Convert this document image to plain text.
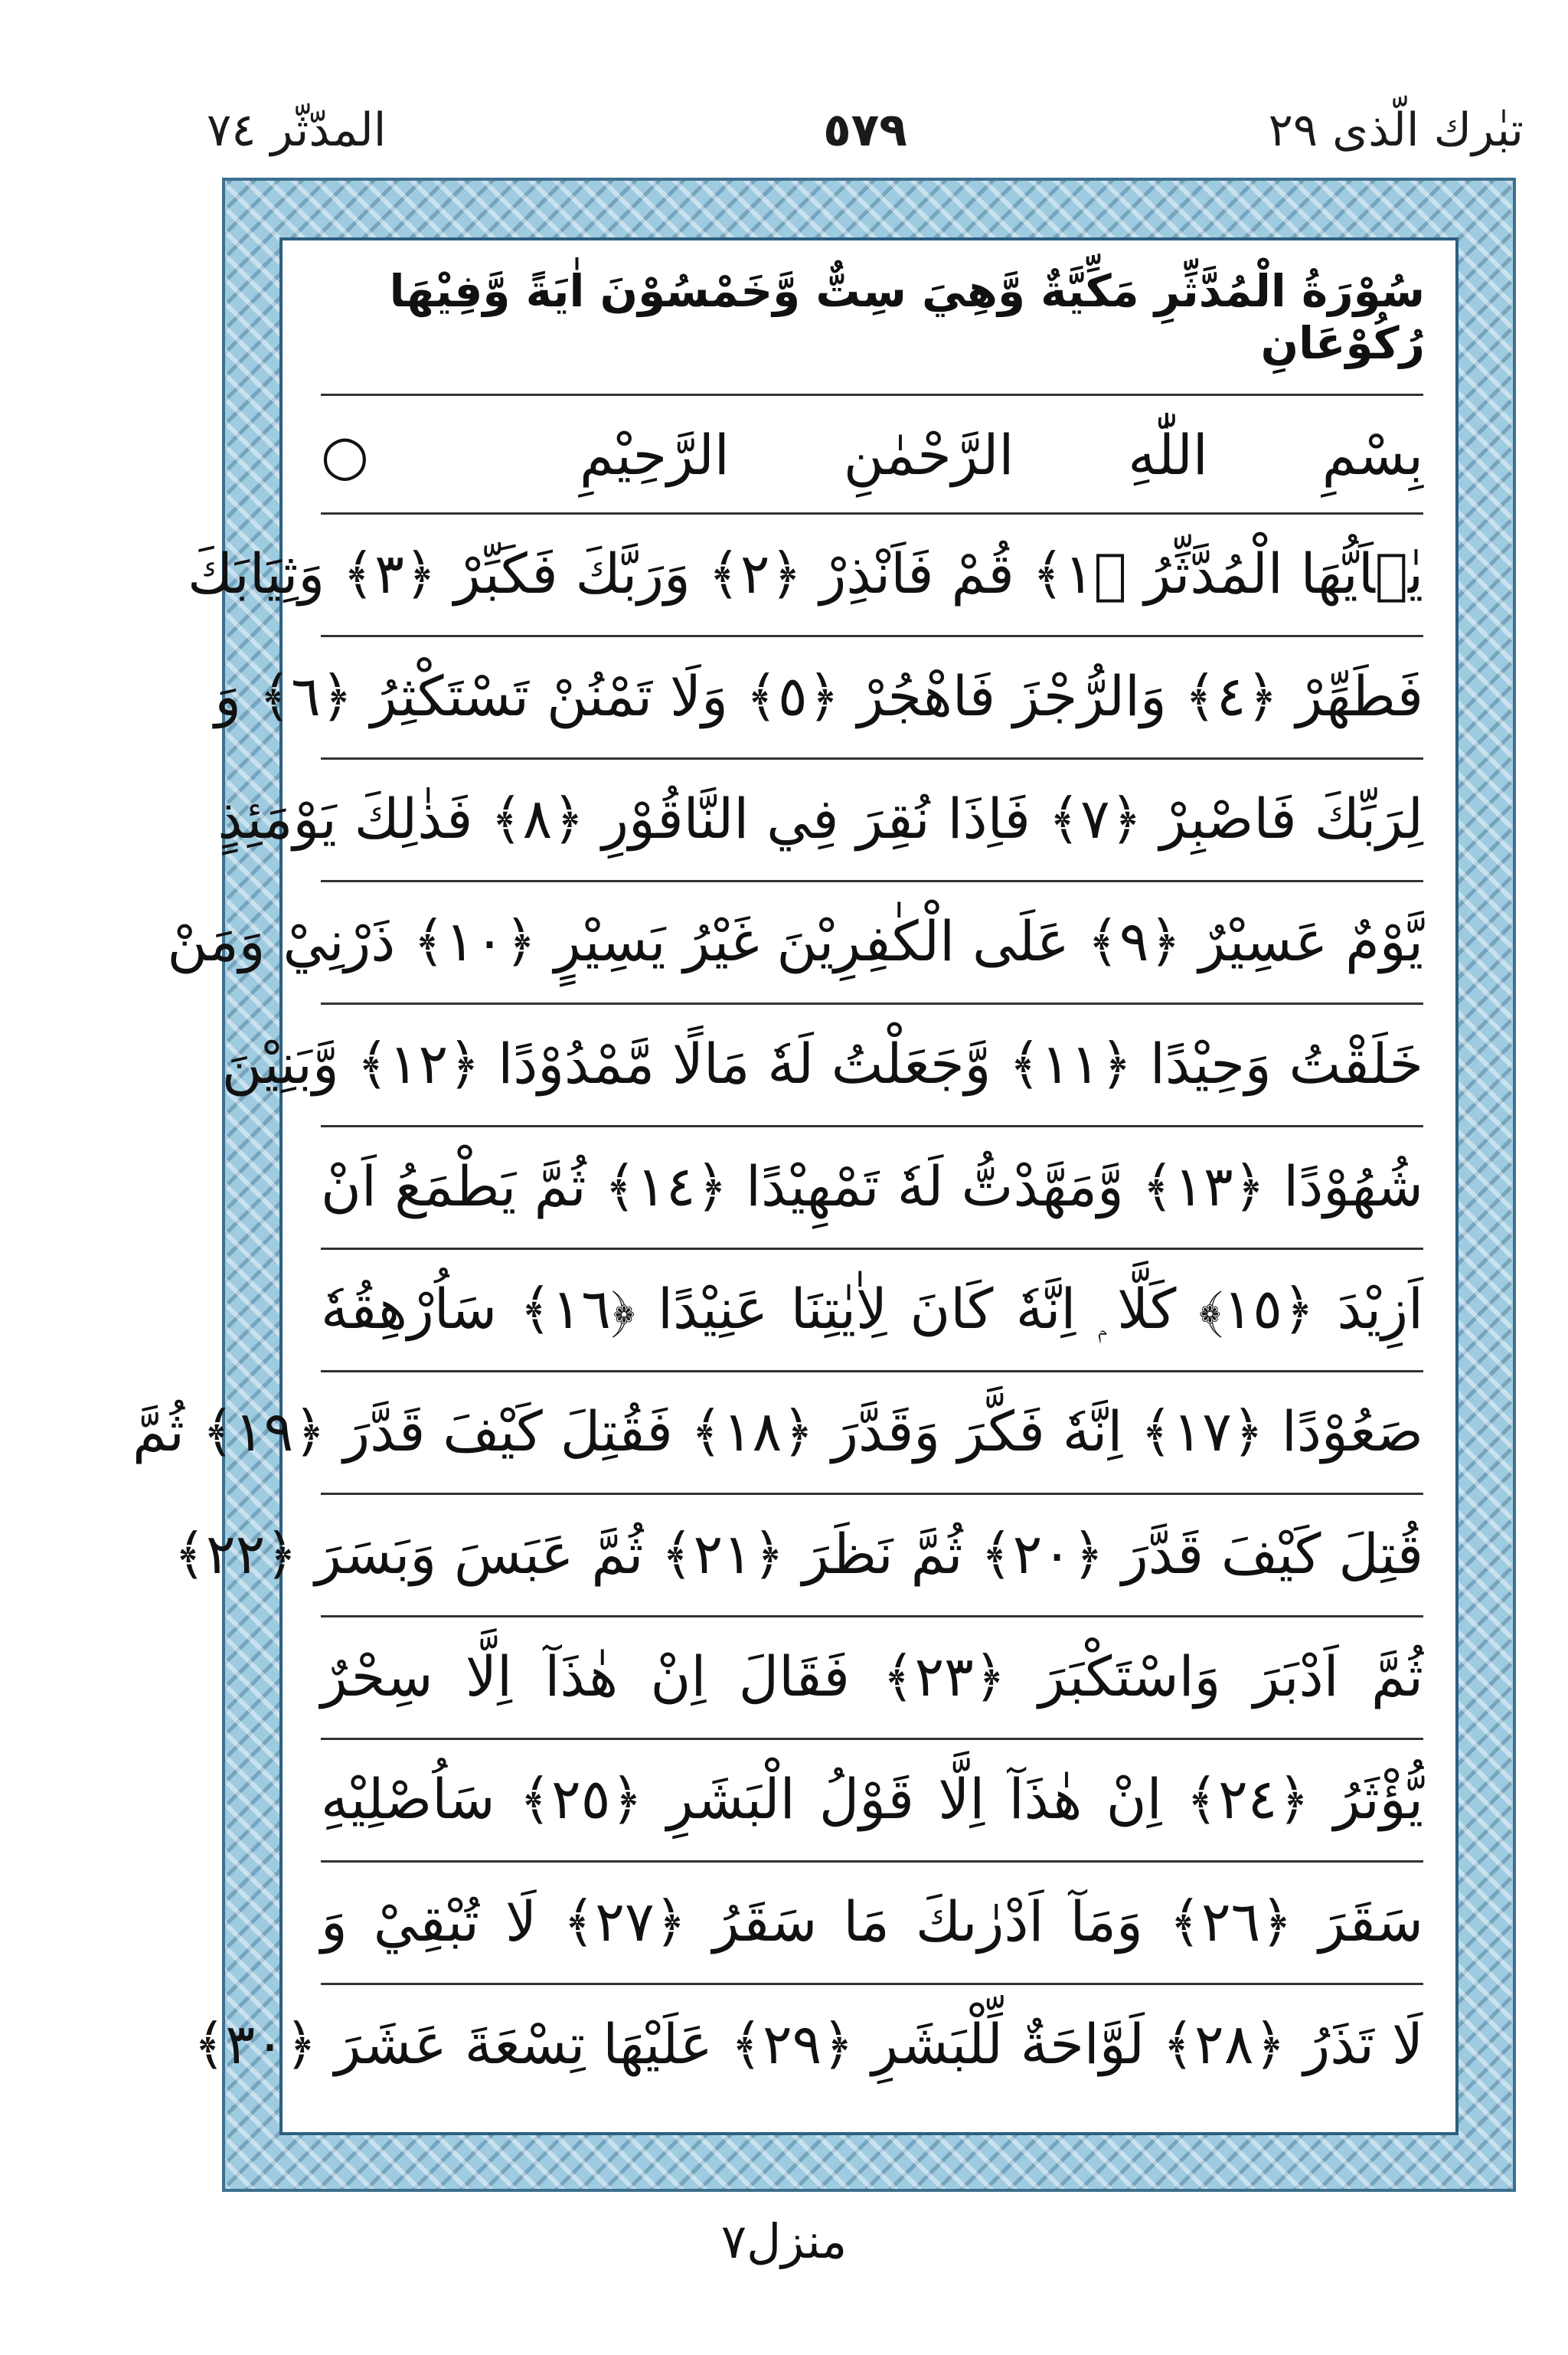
تبٰرك الّذى ٢٩
٥٧٩
المدّثّر ٧٤
سُوْرَةُ الْمُدَّثِّرِ مَكِّيَّةٌ وَّهِيَ سِتٌّ وَّخَمْسُوْنَ اٰيَةً وَّفِيْهَا رُكُوْعَانِ
بِسْمِ اللّٰهِ الرَّحْمٰنِ الرَّحِيْمِ ○
يٰۤاَيُّهَا الْمُدَّثِّرُ ﴿١﴾ قُمْ فَاَنْذِرْ ﴿٢﴾ وَرَبَّكَ فَكَبِّرْ ﴿٣﴾ وَثِيَابَكَ
فَطَهِّرْ ﴿٤﴾ وَالرُّجْزَ فَاهْجُرْ ﴿٥﴾ وَلَا تَمْنُنْ تَسْتَكْثِرُ ﴿٦﴾ وَ
لِرَبِّكَ فَاصْبِرْ ﴿٧﴾ فَاِذَا نُقِرَ فِي النَّاقُوْرِ ﴿٨﴾ فَذٰلِكَ يَوْمَئِذٍ
يَّوْمٌ عَسِيْرٌ ﴿٩﴾ عَلَى الْكٰفِرِيْنَ غَيْرُ يَسِيْرٍ ﴿١٠﴾ ذَرْنِيْ وَمَنْ
خَلَقْتُ وَحِيْدًا ﴿١١﴾ وَّجَعَلْتُ لَهٗ مَالًا مَّمْدُوْدًا ﴿١٢﴾ وَّبَنِيْنَ
شُهُوْدًا ﴿١٣﴾ وَّمَهَّدْتُّ لَهٗ تَمْهِيْدًا ﴿١٤﴾ ثُمَّ يَطْمَعُ اَنْ
اَزِيْدَ ﴿١٥﴾ كَلَّا ۭ اِنَّهٗ كَانَ لِاٰيٰتِنَا عَنِيْدًا ﴿١٦﴾ سَاُرْهِقُهٗ
صَعُوْدًا ﴿١٧﴾ اِنَّهٗ فَكَّرَ وَقَدَّرَ ﴿١٨﴾ فَقُتِلَ كَيْفَ قَدَّرَ ﴿١٩﴾ ثُمَّ
قُتِلَ كَيْفَ قَدَّرَ ﴿٢٠﴾ ثُمَّ نَظَرَ ﴿٢١﴾ ثُمَّ عَبَسَ وَبَسَرَ ﴿٢٢﴾
ثُمَّ اَدْبَرَ وَاسْتَكْبَرَ ﴿٢٣﴾ فَقَالَ اِنْ هٰذَآ اِلَّا سِحْرٌ
يُّؤْثَرُ ﴿٢٤﴾ اِنْ هٰذَآ اِلَّا قَوْلُ الْبَشَرِ ﴿٢٥﴾ سَاُصْلِيْهِ
سَقَرَ ﴿٢٦﴾ وَمَآ اَدْرٰىكَ مَا سَقَرُ ﴿٢٧﴾ لَا تُبْقِيْ وَ
لَا تَذَرُ ﴿٢٨﴾ لَوَّاحَةٌ لِّلْبَشَرِ ﴿٢٩﴾ عَلَيْهَا تِسْعَةَ عَشَرَ ﴿٣٠﴾
منزل٧
